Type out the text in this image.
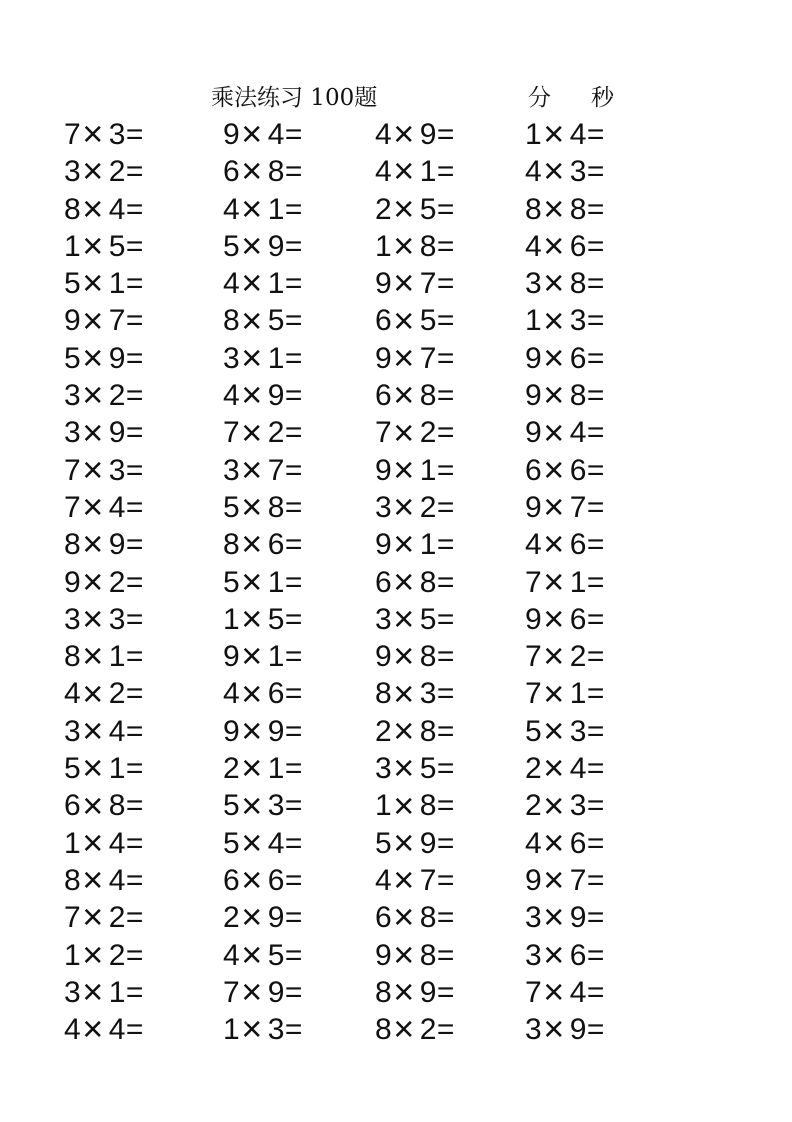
乘法练习 100题	分 秒
7× 3=	9× 4=	4× 9=	1× 4=
3× 2=	6× 8=	4× 1=	4× 3=
8× 4=	4× 1=	2× 5=	8× 8=
1× 5=	5× 9=	1× 8=	4× 6=
5× 1=	4× 1=	9× 7=	3× 8=
9× 7=	8× 5=	6× 5=	1× 3=
5× 9=	3× 1=	9× 7=	9× 6=
3× 2=	4× 9=	6× 8=	9× 8=
3× 9=	7× 2=	7× 2=	9× 4=
7× 3=	3× 7=	9× 1=	6× 6=
7× 4=	5× 8=	3× 2=	9× 7=
8× 9=	8× 6=	9× 1=	4× 6=
9× 2=	5× 1=	6× 8=	7× 1=
3× 3=	1× 5=	3× 5=	9× 6=
8× 1=	9× 1=	9× 8=	7× 2=
4× 2=	4× 6=	8× 3=	7× 1=
3× 4=	9× 9=	2× 8=	5× 3=
5× 1=	2× 1=	3× 5=	2× 4=
6× 8=	5× 3=	1× 8=	2× 3=
1× 4=	5× 4=	5× 9=	4× 6=
8× 4=	6× 6=	4× 7=	9× 7=
7× 2=	2× 9=	6× 8=	3× 9=
1× 2=	4× 5=	9× 8=	3× 6=
3× 1=	7× 9=	8× 9=	7× 4=
4× 4=	1× 3=	8× 2=	3× 9=
